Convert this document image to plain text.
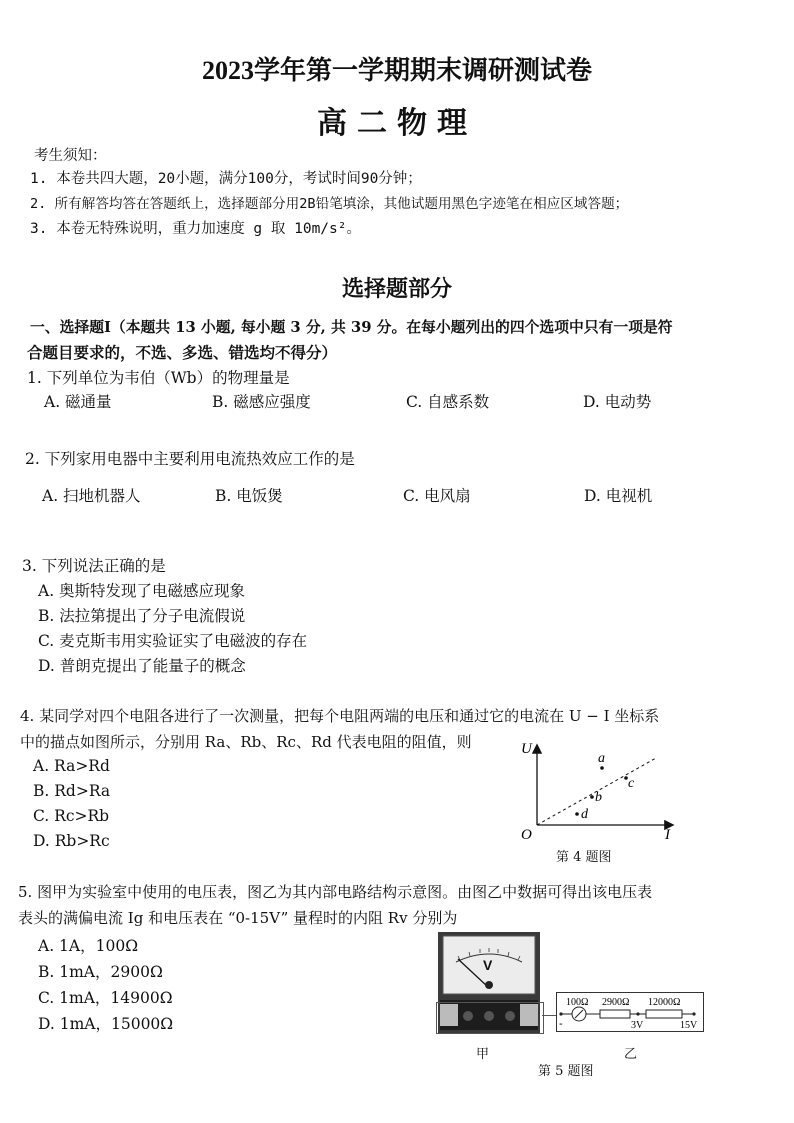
2023学年第一学期期末调研测试卷
高二物理
考生须知：
1. 本卷共四大题，20小题，满分100分，考试时间90分钟；
2. 所有解答均答在答题纸上，选择题部分用2B铅笔填涂，其他试题用黑色字迹笔在相应区域答题；
3. 本卷无特殊说明，重力加速度 g 取 10m/s²。
选择题部分
一、选择题Ⅰ（本题共 13 小题, 每小题 3 分, 共 39 分。在每小题列出的四个选项中只有一项是符
合题目要求的，不选、多选、错选均不得分）
1. 下列单位为韦伯（Wb）的物理量是
A. 磁通量	B. 磁感应强度	C. 自感系数	D. 电动势
2. 下列家用电器中主要利用电流热效应工作的是
A. 扫地机器人	B. 电饭煲	C. 电风扇	D. 电视机
3. 下列说法正确的是
A. 奥斯特发现了电磁感应现象
B. 法拉第提出了分子电流假说
C. 麦克斯韦用实验证实了电磁波的存在
D. 普朗克提出了能量子的概念
4. 某同学对四个电阻各进行了一次测量，把每个电阻两端的电压和通过它的电流在 U − I 坐标系
中的描点如图所示，分别用 Ra、Rb、Rc、Rd 代表电阻的阻值，则
A. Ra>Rd
B. Rd>Ra
C. Rc>Rb
D. Rb>Rc
U
I
O
a
c
b
d
第 4 题图
5. 图甲为实验室中使用的电压表，图乙为其内部电路结构示意图。由图乙中数据可得出该电压表
表头的满偏电流 Ig 和电压表在 “0-15V” 量程时的内阻 Rv 分别为
A. 1A，100Ω
B. 1mA，2900Ω
C. 1mA，14900Ω
D. 1mA，15000Ω
V
100Ω 2900Ω 12000Ω
-	3V	15V
甲	乙
第 5 题图
